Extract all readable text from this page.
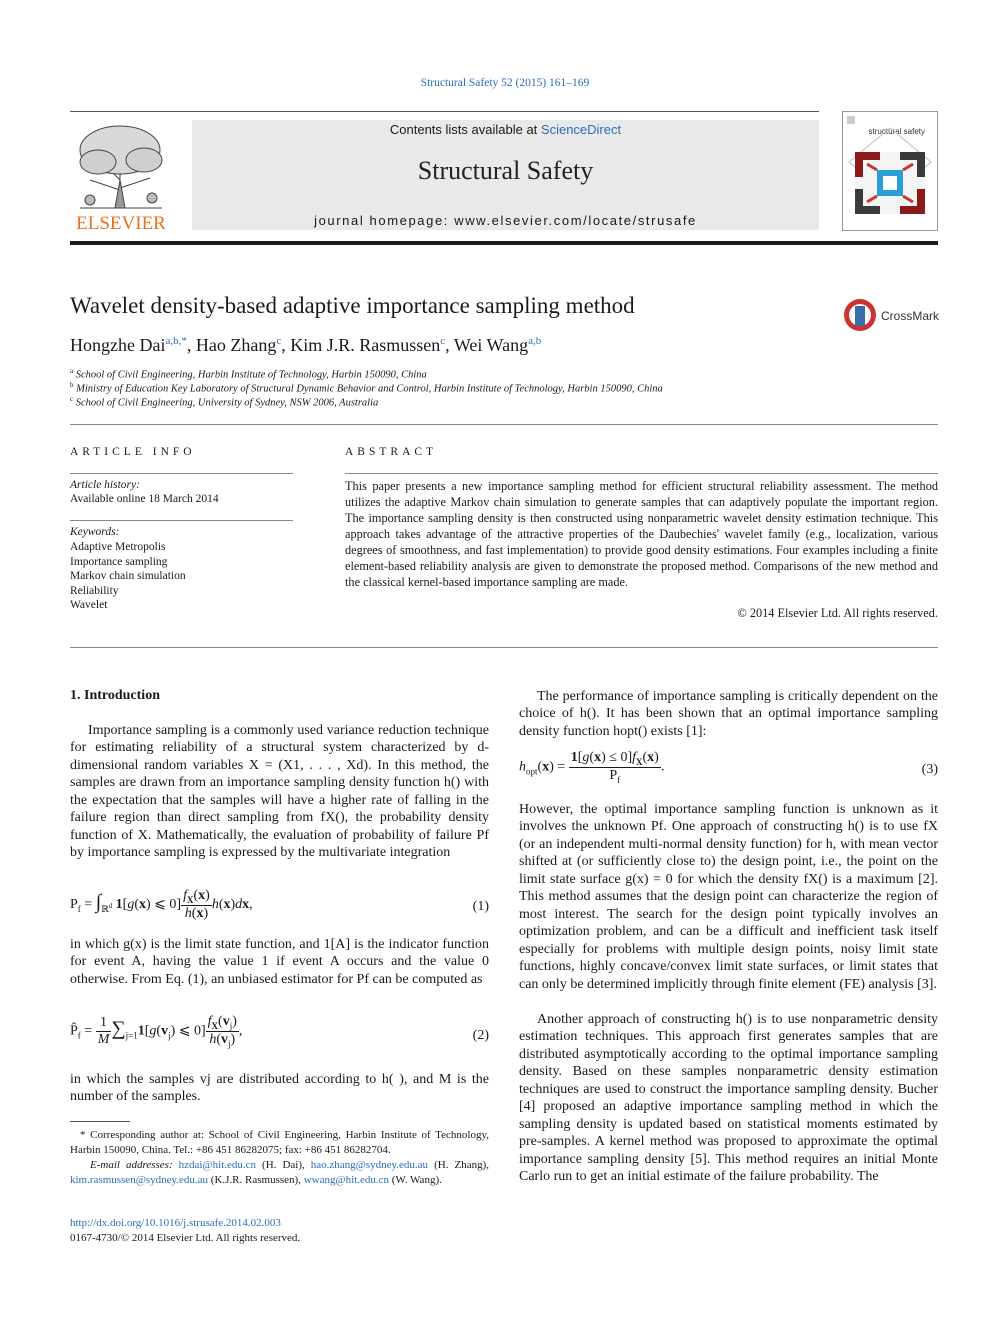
Structural Safety 52 (2015) 161–169
ELSEVIER
Contents lists available at ScienceDirect
Structural Safety
journal homepage: www.elsevier.com/locate/strusafe
structural safety
Wavelet density-based adaptive importance sampling method	CrossMark
Hongzhe Dai$^{a,b,*}$, Hao Zhang$^c$, Kim J.R. Rasmussen$^c$, Wei Wang$^{a,b}$
$^a$ School of Civil Engineering, Harbin Institute of Technology, Harbin 150090, China
$^b$ Ministry of Education Key Laboratory of Structural Dynamic Behavior and Control, Harbin Institute of Technology, Harbin 150090, China
$^c$ School of Civil Engineering, University of Sydney, NSW 2006, Australia
ARTICLE INFO
Article history:
Available online 18 March 2014
Keywords:
Adaptive Metropolis
Importance sampling
Markov chain simulation
Reliability
Wavelet
ABSTRACT
This paper presents a new importance sampling method for efficient structural reliability assessment. The method utilizes the adaptive Markov chain simulation to generate samples that can adaptively populate the important region. The importance sampling density is then constructed using nonparametric wavelet density estimation technique. This approach takes advantage of the attractive properties of the Daubechies' wavelet family (e.g., localization, various degrees of smoothness, and fast implementation) to provide good density estimations. Four examples including a finite element-based reliability analysis are given to demonstrate the proposed method. Comparisons of the new method and the classical kernel-based importance sampling are made.
© 2014 Elsevier Ltd. All rights reserved.
1. Introduction

Importance sampling is a commonly used variance reduction technique for estimating reliability of a structural system characterized by d-dimensional random variables X = (X1, . . . , Xd). In this method, the samples are drawn from an importance sampling density function h() with the expectation that the samples will have a higher rate of falling in the failure region than direct sampling from fX(), the probability density function of X. Mathematically, the evaluation of probability of failure Pf by importance sampling is expressed by the multivariate integration

$P_f = \int_{ℝ^d}$ 1[g(x) ⩽ $0] \frac{f_X(x)}{h(x)} h(x)dx$,	(1)

in which g(x) is the limit state function, and 1[A] is the indicator function for event A, having the value 1 if event A occurs and the value 0 otherwise. From Eq. (1), an unbiased estimator for Pf can be computed as

$P̂_f = \frac{1}{M} \sum_{j=1}1[g(v_j)$ ⩽ $0] \frac{f_X(v_j)}{h(v_j)}$ ,	(2)

in which the samples vj are distributed according to h( ), and M is the number of the samples.

* Corresponding author at: School of Civil Engineering, Harbin Institute of Technology, Harbin 150090, China. Tel.: +86 451 86282075; fax: +86 451 86282704.
E-mail addresses: hzdai@hit.edu.cn (H. Dai), hao.zhang@sydney.edu.au (H. Zhang), kim.rasmussen@sydney.edu.au (K.J.R. Rasmussen), wwang@hit.edu.cn (W. Wang).
http://dx.doi.org/10.1016/j.strusafe.2014.02.003
0167-4730/© 2014 Elsevier Ltd. All rights reserved.

The performance of importance sampling is critically dependent on the choice of h(). It has been shown that an optimal importance sampling density function hopt() exists [1]:

$h_{opt}(x) = \frac{1[g(x) \le 0]f_X(x)}{P_f}$ .	(3)

However, the optimal importance sampling function is unknown as it involves the unknown Pf. One approach of constructing h() is to use fX (or an independent multi-normal density function) for h, with mean vector shifted at (or sufficiently close to) the design point, i.e., the point on the limit state surface g(x) = 0 for which the density fX() is a maximum [2]. This method assumes that the design point can characterize the region of most interest. The search for the design point typically involves an optimization problem, and can be a difficult and inefficient task itself especially for problems with multiple design points, noisy limit state functions, highly concave/convex limit state surfaces, or limit states that can only be determined implicitly through finite element (FE) analysis [3].

Another approach of constructing h() is to use nonparametric density estimation techniques. This approach first generates samples that are distributed asymptotically according to the optimal importance sampling density. Based on these samples nonparametric density estimation techniques are used to construct the importance sampling density. Bucher [4] proposed an adaptive importance sampling method in which the sampling density is updated based on statistical moments estimated by pre-samples. A kernel method was proposed to approximate the optimal importance sampling density [5]. This method requires an initial Monte Carlo run to get an initial estimate of the failure probability. The
